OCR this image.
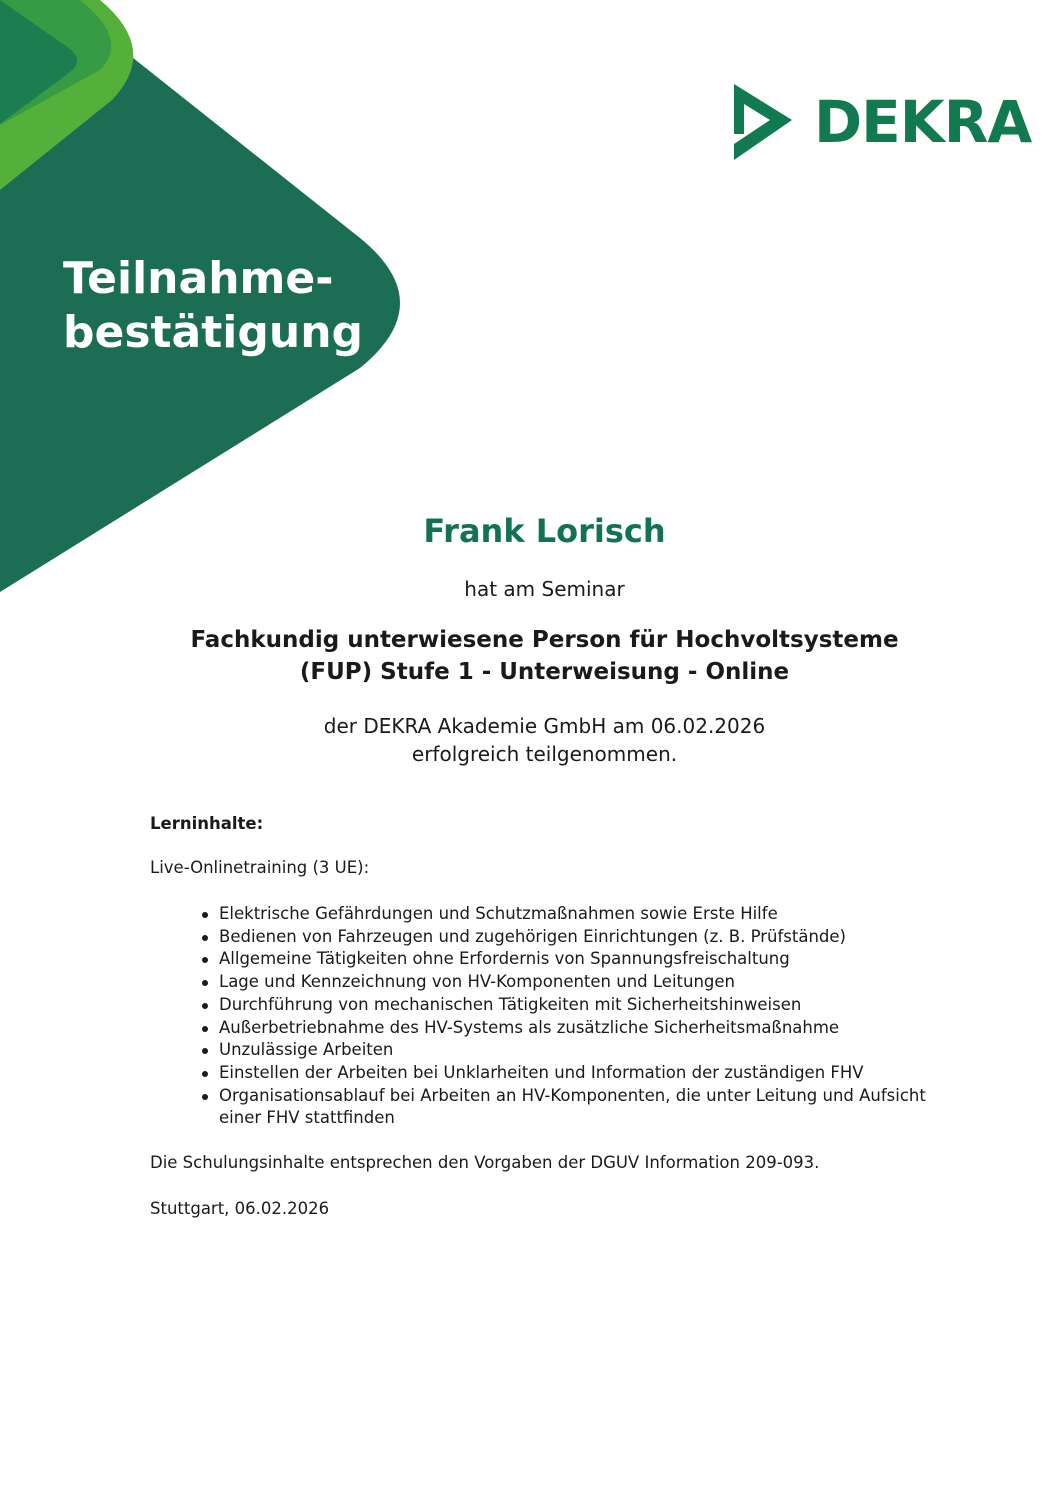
DEKRA
Teilnahme-
bestätigung
Frank Lorisch
hat am Seminar
Fachkundig unterwiesene Person für Hochvoltsysteme
(FUP) Stufe 1 - Unterweisung - Online
der DEKRA Akademie GmbH am 06.02.2026
erfolgreich teilgenommen.
Lerninhalte:
Live-Onlinetraining (3 UE):
Elektrische Gefährdungen und Schutzmaßnahmen sowie Erste Hilfe
Bedienen von Fahrzeugen und zugehörigen Einrichtungen (z. B. Prüfstände)
Allgemeine Tätigkeiten ohne Erfordernis von Spannungsfreischaltung
Lage und Kennzeichnung von HV-Komponenten und Leitungen
Durchführung von mechanischen Tätigkeiten mit Sicherheitshinweisen
Außerbetriebnahme des HV-Systems als zusätzliche Sicherheitsmaßnahme
Unzulässige Arbeiten
Einstellen der Arbeiten bei Unklarheiten und Information der zuständigen FHV
Organisationsablauf bei Arbeiten an HV-Komponenten, die unter Leitung und Aufsicht einer FHV stattfinden
Die Schulungsinhalte entsprechen den Vorgaben der DGUV Information 209-093.
Stuttgart, 06.02.2026
